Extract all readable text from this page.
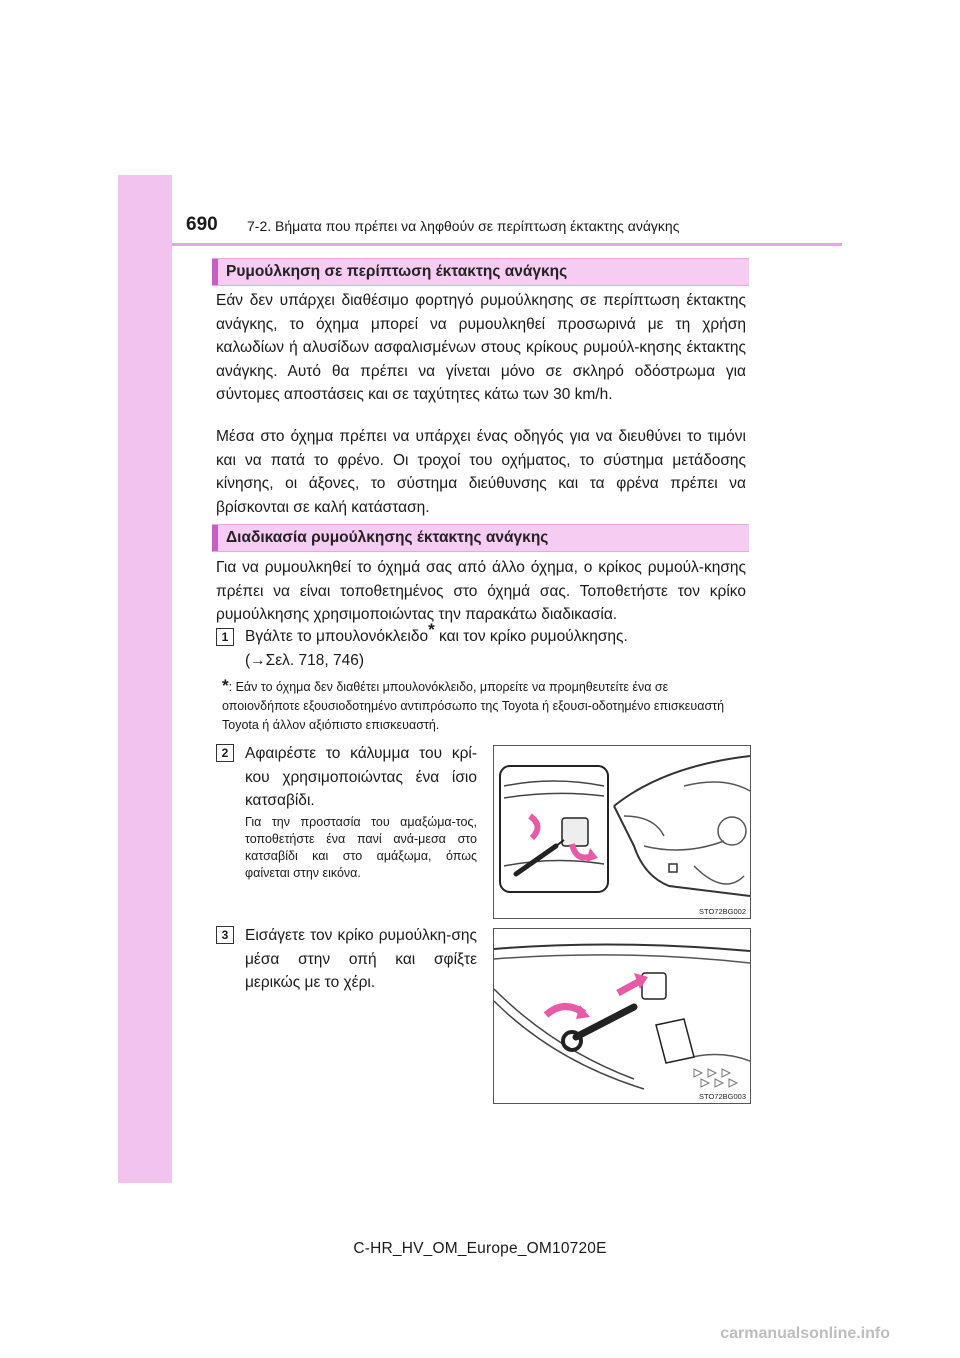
690 7-2. Βήματα που πρέπει να ληφθούν σε περίπτωση έκτακτης ανάγκης
Ρυμούλκηση σε περίπτωση έκτακτης ανάγκης
Εάν δεν υπάρχει διαθέσιμο φορτηγό ρυμούλκησης σε περίπτωση έκτακτης ανάγκης, το όχημα μπορεί να ρυμουλκηθεί προσωρινά με τη χρήση καλωδίων ή αλυσίδων ασφαλισμένων στους κρίκους ρυμούλ-κησης έκτακτης ανάγκης. Αυτό θα πρέπει να γίνεται μόνο σε σκληρό οδόστρωμα για σύντομες αποστάσεις και σε ταχύτητες κάτω των 30 km/h.
Μέσα στο όχημα πρέπει να υπάρχει ένας οδηγός για να διευθύνει το τιμόνι και να πατά το φρένο. Οι τροχοί του οχήματος, το σύστημα μετάδοσης κίνησης, οι άξονες, το σύστημα διεύθυνσης και τα φρένα πρέπει να βρίσκονται σε καλή κατάσταση.
Διαδικασία ρυμούλκησης έκτακτης ανάγκης
Για να ρυμουλκηθεί το όχημά σας από άλλο όχημα, ο κρίκος ρυμούλ-κησης πρέπει να είναι τοποθετημένος στο όχημά σας. Τοποθετήστε τον κρίκο ρυμούλκησης χρησιμοποιώντας την παρακάτω διαδικασία.
1	Βγάλτε το μπουλονόκλειδο* και τον κρίκο ρυμούλκησης.
(→Σελ. 718, 746)
*: Εάν το όχημα δεν διαθέτει μπουλονόκλειδο, μπορείτε να προμηθευτείτε ένα σε οποιονδήποτε εξουσιοδοτημένο αντιπρόσωπο της Toyota ή εξουσι-οδοτημένο επισκευαστή Toyota ή άλλον αξιόπιστο επισκευαστή.
2	Αφαιρέστε το κάλυμμα του κρί-κου χρησιμοποιώντας ένα ίσιο κατσαβίδι.
Για την προστασία του αμαξώμα-τος, τοποθετήστε ένα πανί ανά-μεσα στο κατσαβίδι και στο αμάξωμα, όπως φαίνεται στην εικόνα.
STO72BG002
3	Εισάγετε τον κρίκο ρυμούλκη-σης μέσα στην οπή και σφίξτε μερικώς με το χέρι.
STO72BG003
C-HR_HV_OM_Europe_OM10720E
carmanualsonline.info
